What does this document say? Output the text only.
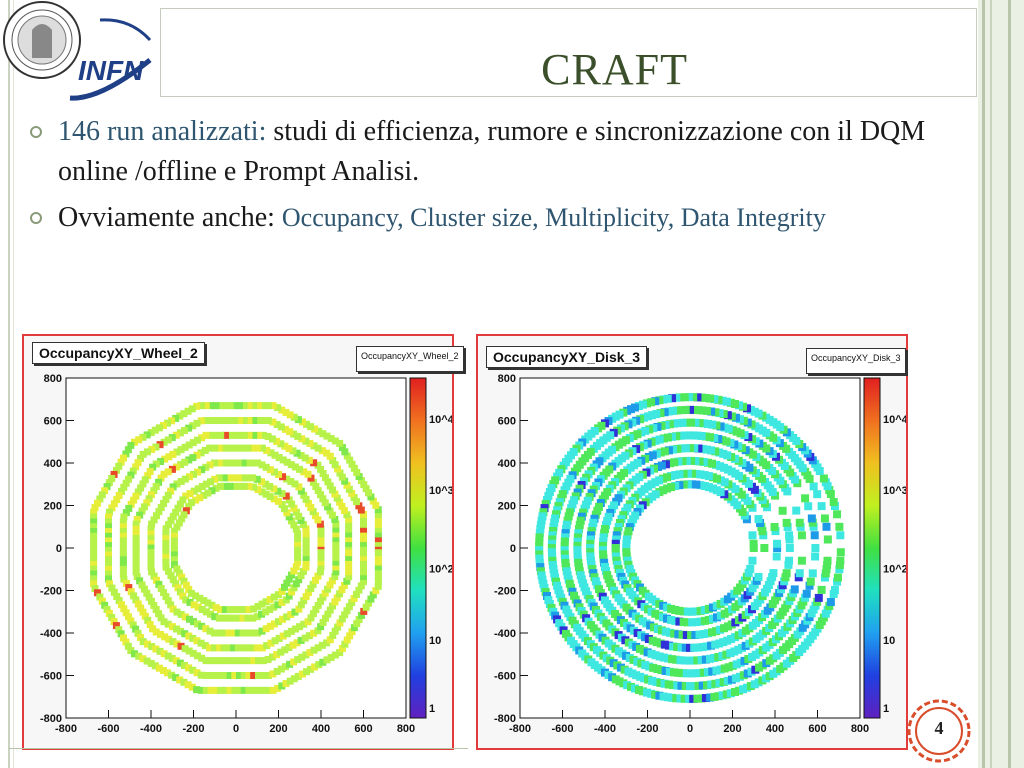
INFN	CRAFT
146 run analizzati: studi di efficienza, rumore e sincronizzazione con il DQM online /offline e Prompt Analisi.
Ovviamente anche: Occupancy, Cluster size, Multiplicity, Data Integrity
-800 -600 -400 -200	0	200 400 600 800
800
600
400
200
0
-200
-400
-600
-800
10^4
10^3
10^2
10
1
OccupancyXY_Wheel_2	OccupancyXY_Wheel_2
-800 -600 -400 -200	0	200 400 600 800
800
600
400
200
0
-200
-400
-600
-800
10^4
10^3
10^2
10
1
OccupancyXY_Disk_3	OccupancyXY_Disk_3
4
